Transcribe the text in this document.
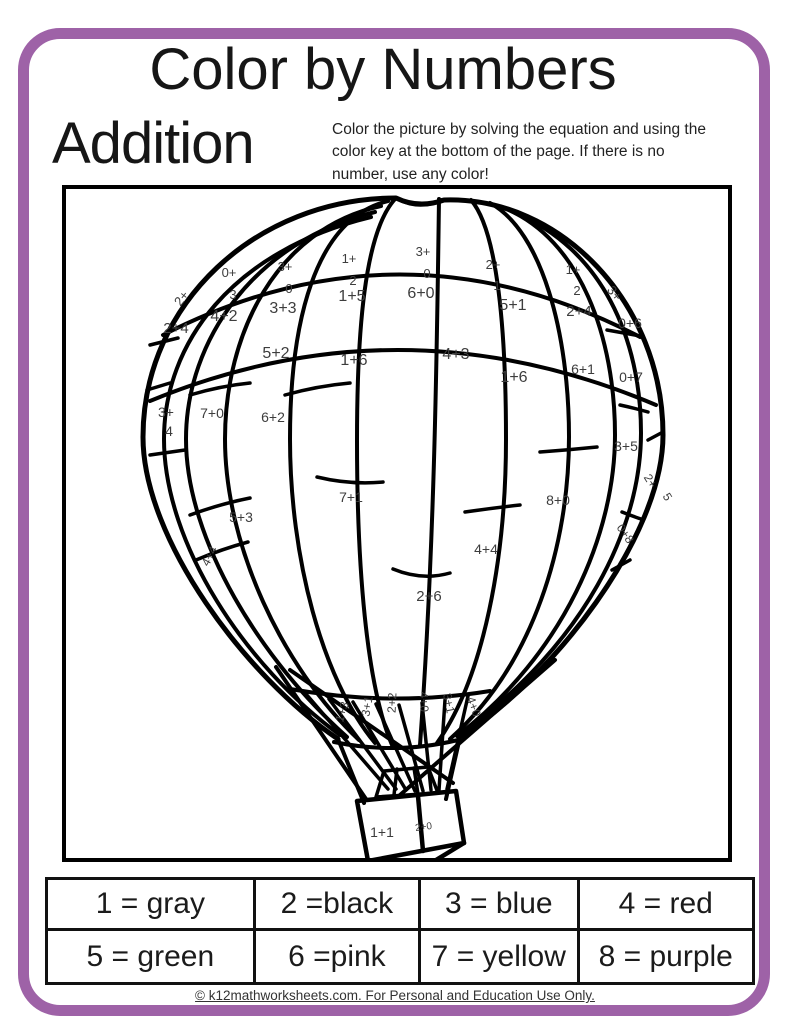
Color by Numbers
Addition	Color the picture by solving the equation and using the
color key at the bottom of the page. If there is no
number, use any color!
2+
0+
3
3+
0
1+
2
3+
0
2+
1
1+
2 3+
2+4
4+2 3+3
1+5	6+0
5+1	2+4
0+6
5+2	1+6	4+3
1+6	6+1 0+7
3+
4
7+0	6+2
3+5
2+
5
7+1
5+3
8+0
0+8
4+4	4+4
2+6
1+3 3+1 2+2 4+0 3+1 4+0
1+1 2+0
1 = gray	2 =black	3 = blue	4 = red
5 = green	6 =pink	7 = yellow	8 = purple
© k12mathworksheets.com. For Personal and Education Use Only.
